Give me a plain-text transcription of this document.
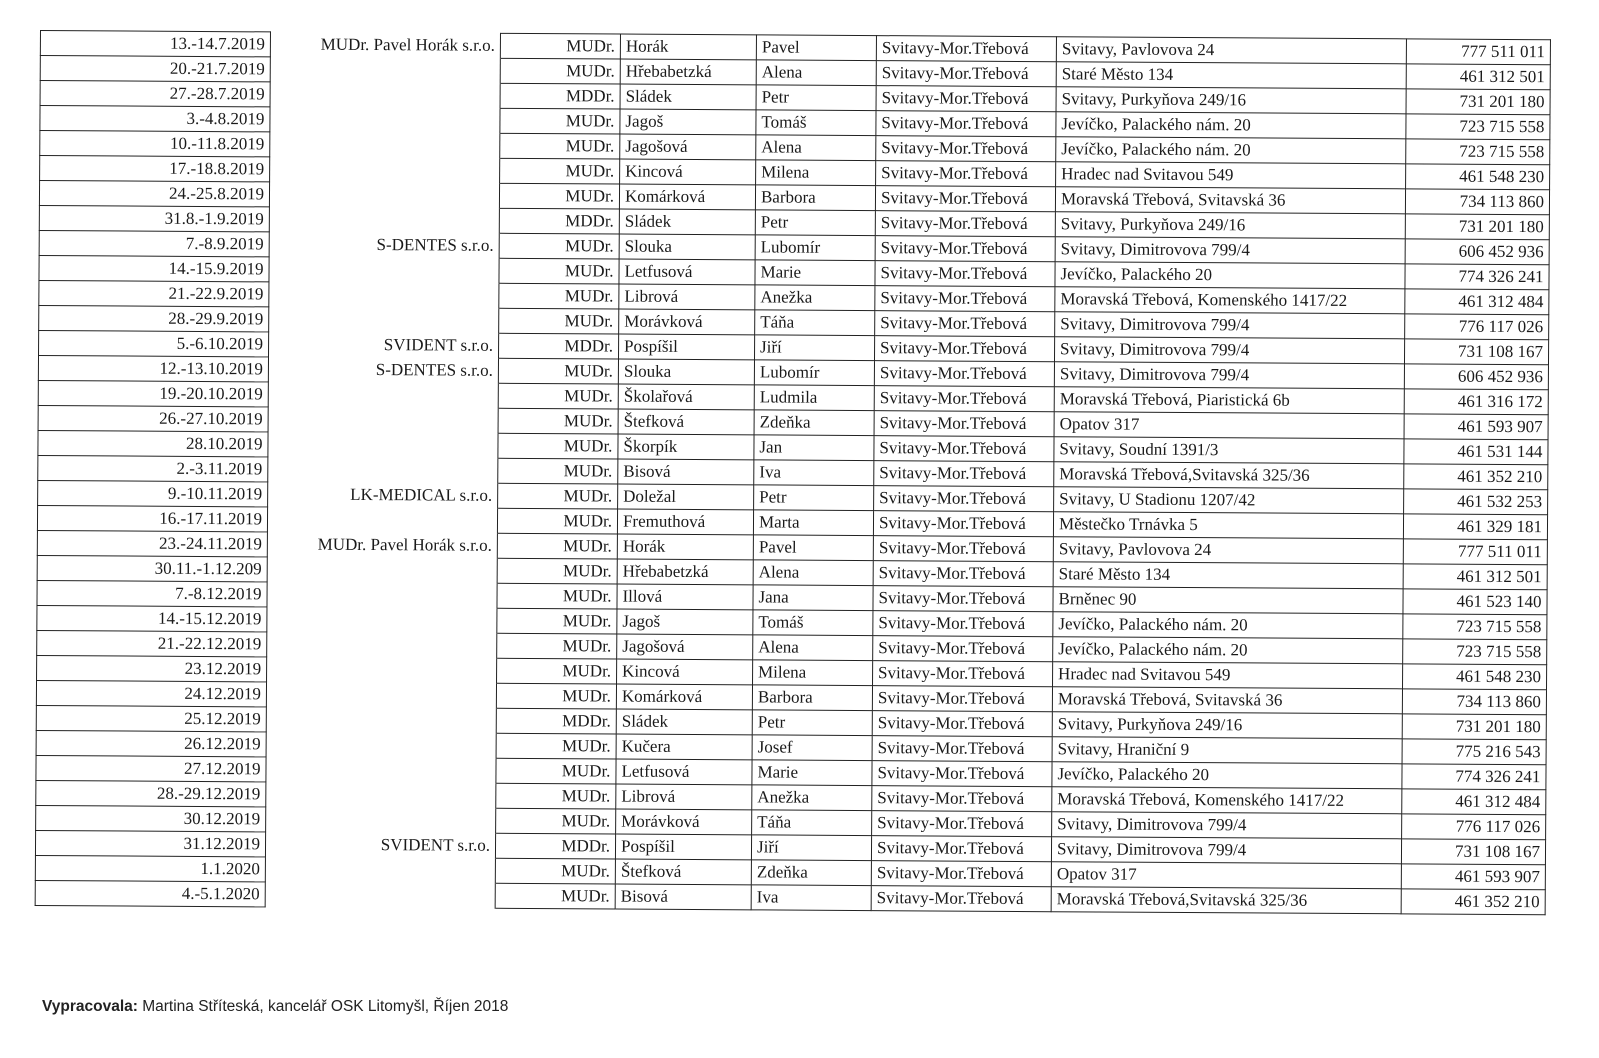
13.-14.7.2019	MUDr. Pavel Horák s.r.o.	MUDr.	Horák	Pavel	Svitavy-Mor.Třebová	Svitavy, Pavlovova 24	777 511 011
20.-21.7.2019		MUDr.	Hřebabetzká	Alena	Svitavy-Mor.Třebová	Staré Město 134	461 312 501
27.-28.7.2019		MDDr.	Sládek	Petr	Svitavy-Mor.Třebová	Svitavy, Purkyňova 249/16	731 201 180
3.-4.8.2019		MUDr.	Jagoš	Tomáš	Svitavy-Mor.Třebová	Jevíčko, Palackého nám. 20	723 715 558
10.-11.8.2019		MUDr.	Jagošová	Alena	Svitavy-Mor.Třebová	Jevíčko, Palackého nám. 20	723 715 558
17.-18.8.2019		MUDr.	Kincová	Milena	Svitavy-Mor.Třebová	Hradec nad Svitavou 549	461 548 230
24.-25.8.2019		MUDr.	Komárková	Barbora	Svitavy-Mor.Třebová	Moravská Třebová, Svitavská 36	734 113 860
31.8.-1.9.2019		MDDr.	Sládek	Petr	Svitavy-Mor.Třebová	Svitavy, Purkyňova 249/16	731 201 180
7.-8.9.2019	S-DENTES s.r.o.	MUDr.	Slouka	Lubomír	Svitavy-Mor.Třebová	Svitavy, Dimitrovova 799/4	606 452 936
14.-15.9.2019		MUDr.	Letfusová	Marie	Svitavy-Mor.Třebová	Jevíčko, Palackého 20	774 326 241
21.-22.9.2019		MUDr.	Librová	Anežka	Svitavy-Mor.Třebová	Moravská Třebová, Komenského 1417/22	461 312 484
28.-29.9.2019		MUDr.	Morávková	Táňa	Svitavy-Mor.Třebová	Svitavy, Dimitrovova 799/4	776 117 026
5.-6.10.2019	SVIDENT s.r.o.	MDDr.	Pospíšil	Jiří	Svitavy-Mor.Třebová	Svitavy, Dimitrovova 799/4	731 108 167
12.-13.10.2019	S-DENTES s.r.o.	MUDr.	Slouka	Lubomír	Svitavy-Mor.Třebová	Svitavy, Dimitrovova 799/4	606 452 936
19.-20.10.2019		MUDr.	Školařová	Ludmila	Svitavy-Mor.Třebová	Moravská Třebová, Piaristická 6b	461 316 172
26.-27.10.2019		MUDr.	Štefková	Zdeňka	Svitavy-Mor.Třebová	Opatov 317	461 593 907
28.10.2019		MUDr.	Škorpík	Jan	Svitavy-Mor.Třebová	Svitavy, Soudní 1391/3	461 531 144
2.-3.11.2019		MUDr.	Bisová	Iva	Svitavy-Mor.Třebová	Moravská Třebová,Svitavská 325/36	461 352 210
9.-10.11.2019	LK-MEDICAL s.r.o.	MUDr.	Doležal	Petr	Svitavy-Mor.Třebová	Svitavy, U Stadionu 1207/42	461 532 253
16.-17.11.2019		MUDr.	Fremuthová	Marta	Svitavy-Mor.Třebová	Městečko Trnávka 5	461 329 181
23.-24.11.2019	MUDr. Pavel Horák s.r.o.	MUDr.	Horák	Pavel	Svitavy-Mor.Třebová	Svitavy, Pavlovova 24	777 511 011
30.11.-1.12.209		MUDr.	Hřebabetzká	Alena	Svitavy-Mor.Třebová	Staré Město 134	461 312 501
7.-8.12.2019		MUDr.	Illová	Jana	Svitavy-Mor.Třebová	Brněnec 90	461 523 140
14.-15.12.2019		MUDr.	Jagoš	Tomáš	Svitavy-Mor.Třebová	Jevíčko, Palackého nám. 20	723 715 558
21.-22.12.2019		MUDr.	Jagošová	Alena	Svitavy-Mor.Třebová	Jevíčko, Palackého nám. 20	723 715 558
23.12.2019		MUDr.	Kincová	Milena	Svitavy-Mor.Třebová	Hradec nad Svitavou 549	461 548 230
24.12.2019		MUDr.	Komárková	Barbora	Svitavy-Mor.Třebová	Moravská Třebová, Svitavská 36	734 113 860
25.12.2019		MDDr.	Sládek	Petr	Svitavy-Mor.Třebová	Svitavy, Purkyňova 249/16	731 201 180
26.12.2019		MUDr.	Kučera	Josef	Svitavy-Mor.Třebová	Svitavy, Hraniční 9	775 216 543
27.12.2019		MUDr.	Letfusová	Marie	Svitavy-Mor.Třebová	Jevíčko, Palackého 20	774 326 241
28.-29.12.2019		MUDr.	Librová	Anežka	Svitavy-Mor.Třebová	Moravská Třebová, Komenského 1417/22	461 312 484
30.12.2019		MUDr.	Morávková	Táňa	Svitavy-Mor.Třebová	Svitavy, Dimitrovova 799/4	776 117 026
31.12.2019	SVIDENT s.r.o.	MDDr.	Pospíšil	Jiří	Svitavy-Mor.Třebová	Svitavy, Dimitrovova 799/4	731 108 167
1.1.2020		MUDr.	Štefková	Zdeňka	Svitavy-Mor.Třebová	Opatov 317	461 593 907
4.-5.1.2020		MUDr.	Bisová	Iva	Svitavy-Mor.Třebová	Moravská Třebová,Svitavská 325/36	461 352 210
Vypracovala: Martina Stříteská, kancelář OSK Litomyšl, Říjen 2018
